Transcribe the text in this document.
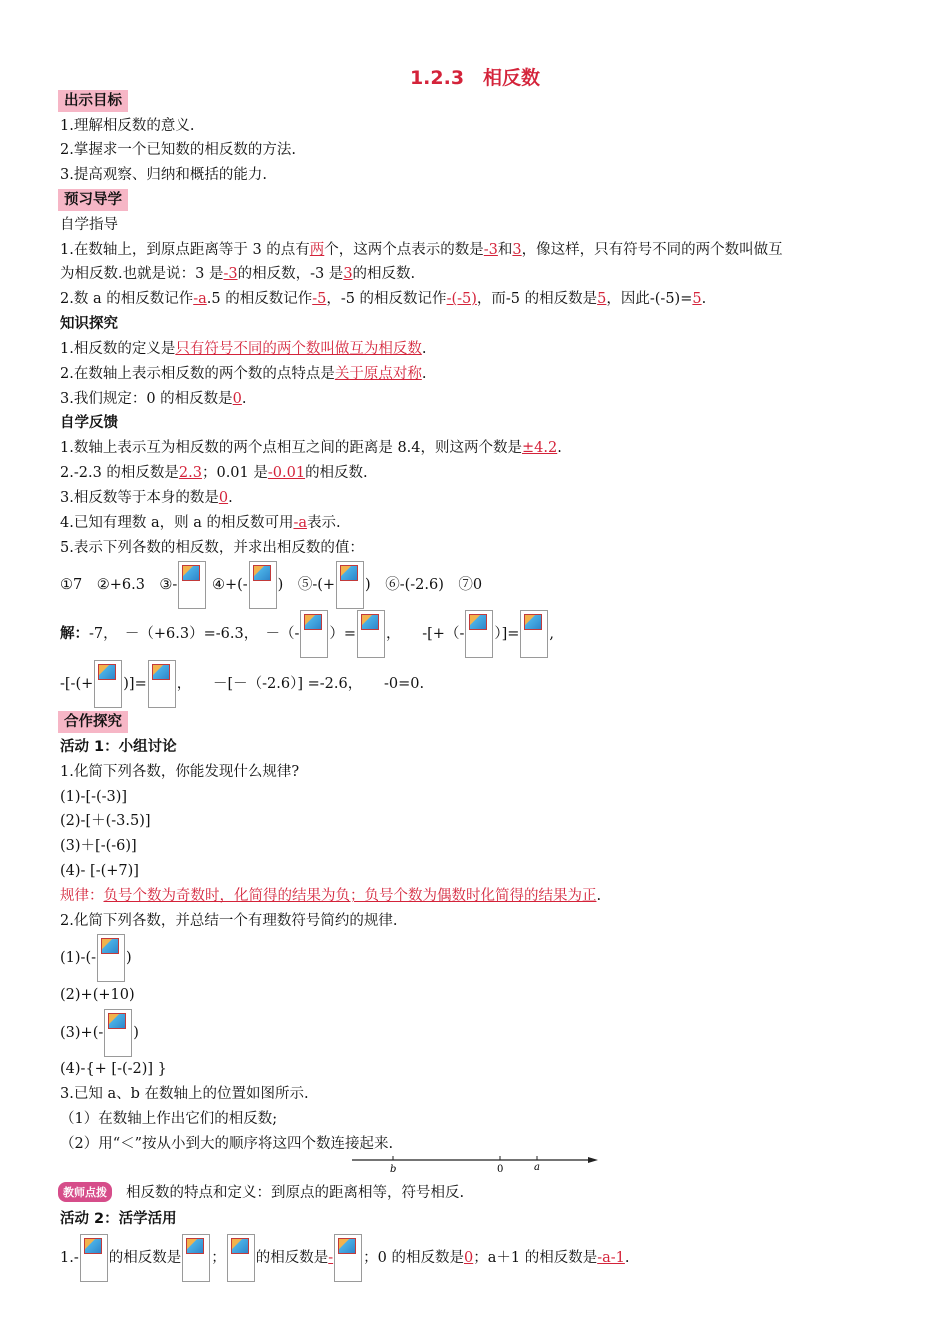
1.2.3　相反数
出示目标
1.理解相反数的意义.
2.掌握求一个已知数的相反数的方法.
3.提高观察、归纳和概括的能力.
预习导学
自学指导
1.在数轴上，到原点距离等于 3 的点有两个，这两个点表示的数是-3和3，像这样，只有符号不同的两个数叫做互
为相反数.也就是说：3 是-3的相反数，-3 是3的相反数.
2.数 a 的相反数记作-a.5 的相反数记作-5，-5 的相反数记作-(-5)，而-5 的相反数是5，因此-(-5)=5.
知识探究
1.相反数的定义是只有符号不同的两个数叫做互为相反数.
2.在数轴上表示相反数的两个数的点特点是关于原点对称.
3.我们规定：0 的相反数是0.
自学反馈
1.数轴上表示互为相反数的两个点相互之间的距离是 8.4，则这两个数是±4.2.
2.-2.3 的相反数是2.3；0.01 是-0.01的相反数.
3.相反数等于本身的数是0.
4.已知有理数 a，则 a 的相反数可用-a表示.
5.表示下列各数的相反数，并求出相反数的值：
①7　②+6.3　③- ④+(- )　⑤-(+ )　⑥-(-2.6)　⑦0
解：-7，　－（+6.3）=-6.3，　－（- ）= ，　　-[+（- ）]= ,
-[-(+ )]= ，　　－[－（-2.6）] =-2.6，　　-0=0.
合作探究
活动 1：小组讨论
1.化简下列各数，你能发现什么规律?
(1)-[-(-3)]
(2)-[＋(-3.5)]
(3)＋[-(-6)]
(4)- [-(+7)]
规律：负号个数为奇数时，化简得的结果为负；负号个数为偶数时化简得的结果为正.
2.化简下列各数，并总结一个有理数符号简约的规律.
(1)-(- )
(2)+(+10)
(3)+(- )
(4)-{+ [-(-2)] }
3.已知 a、b 在数轴上的位置如图所示.
（1）在数轴上作出它们的相反数;
（2）用“＜”按从小到大的顺序将这四个数连接起来.
b	0	a
教师点拨	相反数的特点和定义：到原点的距离相等，符号相反.
活动 2：活学活用
1.- 的相反数是 ； 的相反数是- ；0 的相反数是0；a＋1 的相反数是-a-1.
